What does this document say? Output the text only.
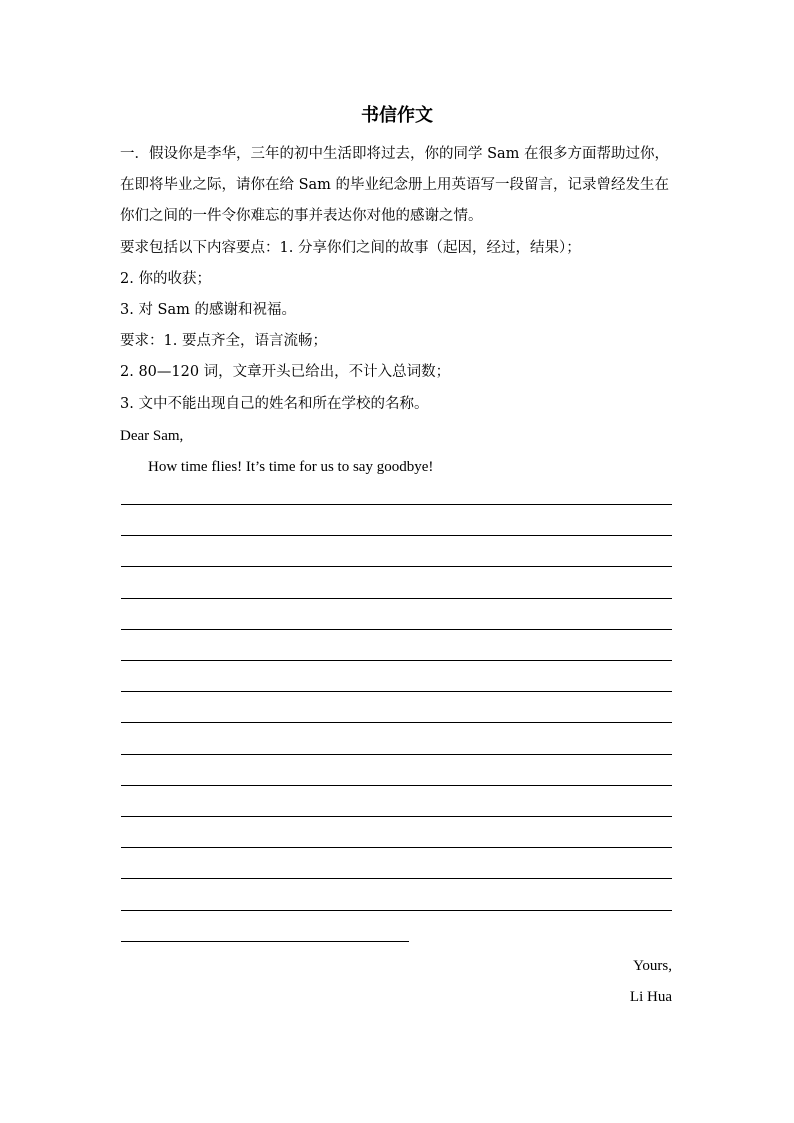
书信作文
一．假设你是李华，三年的初中生活即将过去，你的同学 Sam 在很多方面帮助过你，在即将毕业之际，请你在给 Sam 的毕业纪念册上用英语写一段留言，记录曾经发生在你们之间的一件令你难忘的事并表达你对他的感谢之情。
要求包括以下内容要点：1. 分享你们之间的故事（起因，经过，结果）；
2. 你的收获；
3. 对 Sam 的感谢和祝福。
要求：1. 要点齐全，语言流畅；
2. 80—120 词，文章开头已给出，不计入总词数；
3. 文中不能出现自己的姓名和所在学校的名称。
Dear Sam,
How time flies! It’s time for us to say goodbye!
Yours,
Li Hua
